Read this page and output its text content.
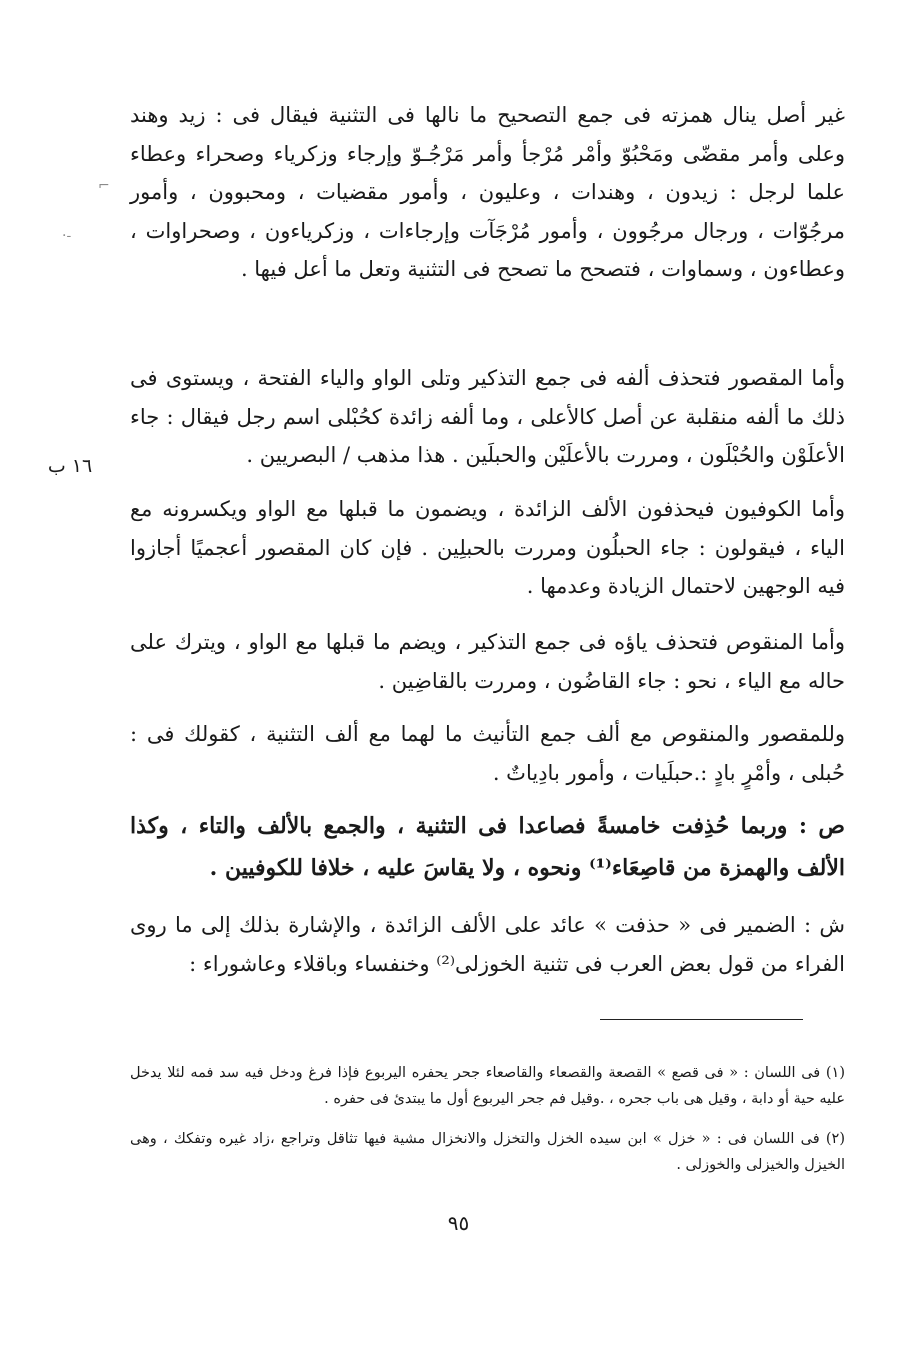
غير أصل ينال همزته فى جمع التصحيح ما نالها فى التثنية فيقال فى : زيد وهند وعلى وأمر مقضّى ومَحْبُوّ وأمْر مُرْجأ وأمر مَرْجُـوّ وإرجاء وزكرياء وصحراء وعطاء علما لرجل : زيدون ، وهندات ، وعليون ، وأمور مقضيات ، ومحبوون ، وأمور مرجُوّات ، ورجال مرجُوون ، وأمور مُرْجَآت وإرجاءات ، وزكرياءون ، وصحراوات ، وعطاءون ، وسماوات ، فتصحح ما تصحح فى التثنية وتعل ما أعل فيها .

وأما المقصور فتحذف ألفه فى جمع التذكير وتلى الواو والياء الفتحة ، ويستوى فى ذلك ما ألفه منقلبة عن أصل كالأعلى ، وما ألفه زائدة كحُبْلى اسم رجل فيقال : جاء الأعلَوْن والحُبْلَون ، ومررت بالأعلَيْن والحبلَين . هذا مذهب / البصريين .

١٦ ب
⌐
·‐

وأما الكوفيون فيحذفون الألف الزائدة ، ويضمون ما قبلها مع الواو ويكسرونه مع الياء ، فيقولون : جاء الحبلُون ومررت بالحبلِين . فإن كان المقصور أعجميًا أجازوا فيه الوجهين لاحتمال الزيادة وعدمها .

وأما المنقوص فتحذف ياؤه فى جمع التذكير ، ويضم ما قبلها مع الواو ، ويترك على حاله مع الياء ، نحو : جاء القاضُون ، ومررت بالقاضِين .

وللمقصور والمنقوص مع ألف جمع التأنيث ما لهما مع ألف التثنية ، كقولك فى : حُبلى ، وأمْرٍ بادٍ :.حبلَيات ، وأمور بادِياتٌ .

ص : وربما حُذِفت خامسةً فصاعدا فى التثنية ، والجمع بالألف والتاء ، وكذا الألف والهمزة من قاصِعَاء⁽¹⁾ ونحوه ، ولا يقاسَ عليه ، خلافا للكوفيين .

ش : الضمير فى « حذفت » عائد على الألف الزائدة ، والإشارة بذلك إلى ما روى الفراء من قول بعض العرب فى تثنية الخوزلى⁽²⁾ وخنفساء وباقلاء وعاشوراء :

(١) فى اللسان : « فى قصع » القصعة والقصعاء والقاصعاء جحر يحفره اليربوع فإذا فرغ ودخل فيه سد فمه لئلا يدخل عليه حية أو دابة ، وقيل هى باب جحره ، .وقيل فم جحر اليربوع أول ما يبتدئ فى حفره .

(٢) فى اللسان فى : « خزل » ابن سيده الخزل والتخزل والانخزال مشية فيها تثاقل وتراجع ،زاد غيره وتفكك ، وهى الخيزل والخيزلى والخوزلى .

٩٥
